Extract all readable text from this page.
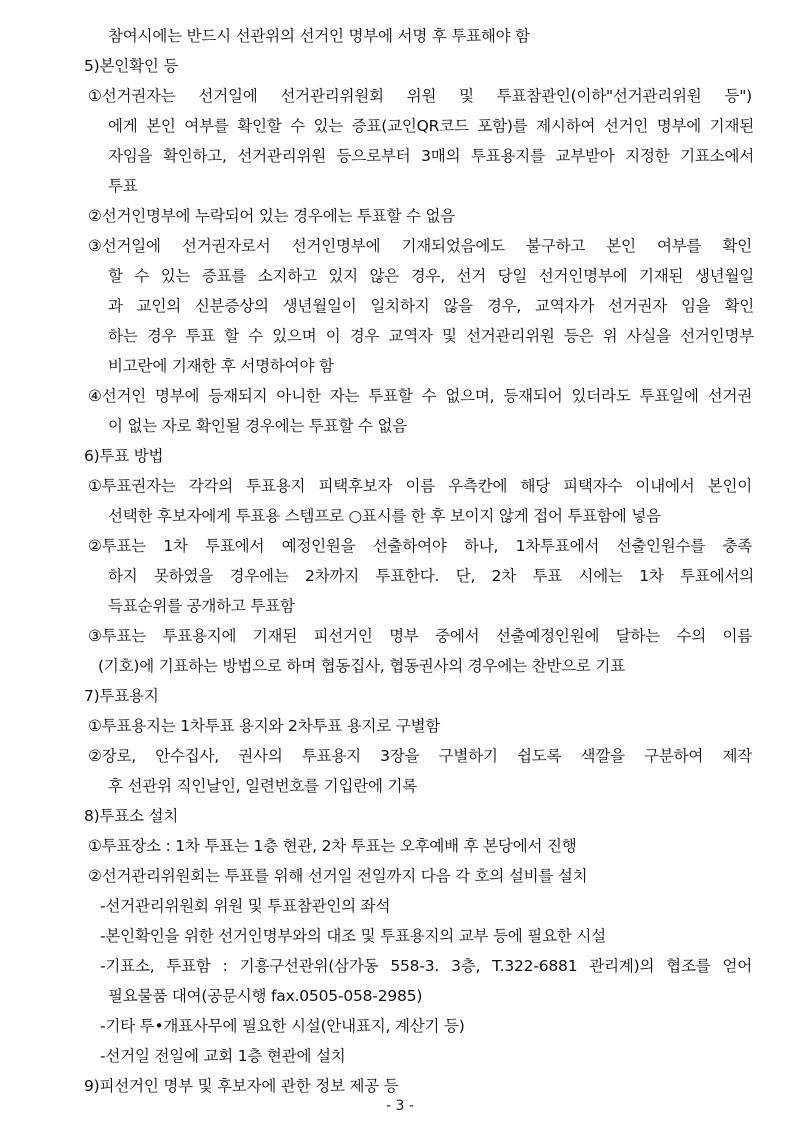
참여시에는 반드시 선관위의 선거인 명부에 서명 후 투표해야 함
5)본인확인 등
①선거권자는 선거일에 선거관리위원회 위원 및 투표참관인(이하"선거관리위원 등")
에게 본인 여부를 확인할 수 있는 증표(교인QR코드 포함)를 제시하여 선거인 명부에 기재된
자임을 확인하고, 선거관리위원 등으로부터 3매의 투표용지를 교부받아 지정한 기표소에서
투표
②선거인명부에 누락되어 있는 경우에는 투표할 수 없음
③선거일에 선거권자로서 선거인명부에 기재되었음에도 불구하고 본인 여부를 확인
할 수 있는 증표를 소지하고 있지 않은 경우, 선거 당일 선거인명부에 기재된 생년월일
과 교인의 신분증상의 생년월일이 일치하지 않을 경우, 교역자가 선거권자 임을 확인
하는 경우 투표 할 수 있으며 이 경우 교역자 및 선거관리위원 등은 위 사실을 선거인명부
비고란에 기재한 후 서명하여야 함
④선거인 명부에 등재되지 아니한 자는 투표할 수 없으며, 등재되어 있더라도 투표일에 선거권
이 없는 자로 확인될 경우에는 투표할 수 없음
6)투표 방법
①투표권자는 각각의 투표용지 피택후보자 이름 우측칸에 해당 피택자수 이내에서 본인이
선택한 후보자에게 투표용 스템프로 ○표시를 한 후 보이지 않게 접어 투표함에 넣음
②투표는 1차 투표에서 예정인원을 선출하여야 하나, 1차투표에서 선출인원수를 충족
하지 못하였을 경우에는 2차까지 투표한다. 단, 2차 투표 시에는 1차 투표에서의
득표순위를 공개하고 투표함
③투표는 투표용지에 기재된 피선거인 명부 중에서 선출예정인원에 달하는 수의 이름
(기호)에 기표하는 방법으로 하며 협동집사, 협동권사의 경우에는 찬반으로 기표
7)투표용지
①투표용지는 1차투표 용지와 2차투표 용지로 구별함
②장로, 안수집사, 권사의 투표용지 3장을 구별하기 쉽도록 색깔을 구분하여 제작
후 선관위 직인날인, 일련번호를 기입란에 기록
8)투표소 설치
①투표장소 : 1차 투표는 1층 현관, 2차 투표는 오후예배 후 본당에서 진행
②선거관리위원회는 투표를 위해 선거일 전일까지 다음 각 호의 설비를 설치
-선거관리위원회 위원 및 투표참관인의 좌석
-본인확인을 위한 선거인명부와의 대조 및 투표용지의 교부 등에 필요한 시설
-기표소, 투표함 : 기흥구선관위(삼가동 558-3. 3층, T.322-6881 관리계)의 협조를 얻어
필요물품 대여(공문시행 fax.0505-058-2985)
-기타 투•개표사무에 필요한 시설(안내표지, 계산기 등)
-선거일 전일에 교회 1층 현관에 설치
9)피선거인 명부 및 후보자에 관한 정보 제공 등
- 3 -
